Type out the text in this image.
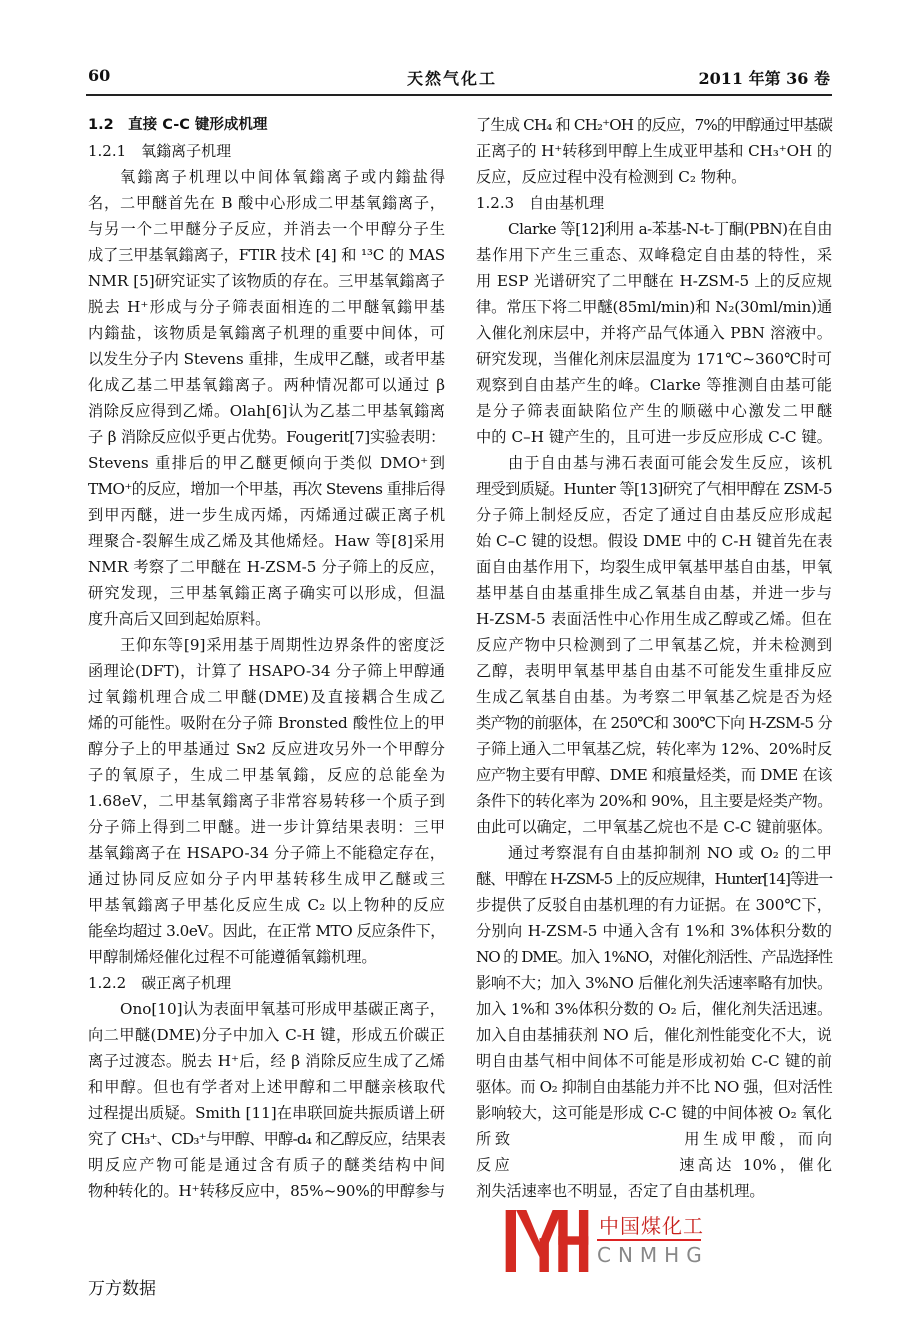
60	天然气化工	2011 年第 36 卷
1.2　直接 C-C 键形成机理
1.2.1　氧鎓离子机理
氧鎓离子机理以中间体氧鎓离子或内鎓盐得
名，二甲醚首先在 B 酸中心形成二甲基氧鎓离子，
与另一个二甲醚分子反应，并消去一个甲醇分子生
成了三甲基氧鎓离子，FTIR 技术 [4] 和 ¹³C 的 MAS
NMR [5]研究证实了该物质的存在。三甲基氧鎓离子
脱去 H⁺形成与分子筛表面相连的二甲醚氧鎓甲基
内鎓盐，该物质是氧鎓离子机理的重要中间体，可
以发生分子内 Stevens 重排，生成甲乙醚，或者甲基
化成乙基二甲基氧鎓离子。两种情况都可以通过 β
消除反应得到乙烯。Olah[6]认为乙基二甲基氧鎓离
子 β 消除反应似乎更占优势。Fougerit[7]实验表明：
Stevens 重排后的甲乙醚更倾向于类似 DMO⁺到
TMO⁺的反应，增加一个甲基，再次 Stevens 重排后得
到甲丙醚，进一步生成丙烯，丙烯通过碳正离子机
理聚合-裂解生成乙烯及其他烯烃。Haw 等[8]采用
NMR 考察了二甲醚在 H-ZSM-5 分子筛上的反应，
研究发现，三甲基氧鎓正离子确实可以形成，但温
度升高后又回到起始原料。
王仰东等[9]采用基于周期性边界条件的密度泛
函理论(DFT)，计算了 HSAPO-34 分子筛上甲醇通
过氧鎓机理合成二甲醚(DME)及直接耦合生成乙
烯的可能性。吸附在分子筛 Bronsted 酸性位上的甲
醇分子上的甲基通过 Sɴ2 反应进攻另外一个甲醇分
子的氧原子，生成二甲基氧鎓，反应的总能垒为
1.68eV，二甲基氧鎓离子非常容易转移一个质子到
分子筛上得到二甲醚。进一步计算结果表明：三甲
基氧鎓离子在 HSAPO-34 分子筛上不能稳定存在，
通过协同反应如分子内甲基转移生成甲乙醚或三
甲基氧鎓离子甲基化反应生成 C₂ 以上物种的反应
能垒均超过 3.0eV。因此，在正常 MTO 反应条件下，
甲醇制烯烃催化过程不可能遵循氧鎓机理。
1.2.2　碳正离子机理
Ono[10]认为表面甲氧基可形成甲基碳正离子，
向二甲醚(DME)分子中加入 C-H 键，形成五价碳正
离子过渡态。脱去 H⁺后，经 β 消除反应生成了乙烯
和甲醇。但也有学者对上述甲醇和二甲醚亲核取代
过程提出质疑。Smith [11]在串联回旋共振质谱上研
究了 CH₃⁺、CD₃⁺与甲醇、甲醇-d₄ 和乙醇反应，结果表
明反应产物可能是通过含有质子的醚类结构中间
物种转化的。H⁺转移反应中，85%~90%的甲醇参与
了生成 CH₄ 和 CH₂⁺OH 的反应，7%的甲醇通过甲基碳
正离子的 H⁺转移到甲醇上生成亚甲基和 CH₃⁺OH 的
反应，反应过程中没有检测到 C₂ 物种。
1.2.3　自由基机理
Clarke 等[12]利用 a-苯基-N-t-丁酮(PBN)在自由
基作用下产生三重态、双峰稳定自由基的特性，采
用 ESP 光谱研究了二甲醚在 H-ZSM-5 上的反应规
律。常压下将二甲醚(85ml/min)和 N₂(30ml/min)通
入催化剂床层中，并将产品气体通入 PBN 溶液中。
研究发现，当催化剂床层温度为 171℃~360℃时可
观察到自由基产生的峰。Clarke 等推测自由基可能
是分子筛表面缺陷位产生的顺磁中心激发二甲醚
中的 C–H 键产生的，且可进一步反应形成 C-C 键。
由于自由基与沸石表面可能会发生反应，该机
理受到质疑。Hunter 等[13]研究了气相甲醇在 ZSM-5
分子筛上制烃反应，否定了通过自由基反应形成起
始 C–C 键的设想。假设 DME 中的 C-H 键首先在表
面自由基作用下，均裂生成甲氧基甲基自由基，甲氧
基甲基自由基重排生成乙氧基自由基，并进一步与
H-ZSM-5 表面活性中心作用生成乙醇或乙烯。但在
反应产物中只检测到了二甲氧基乙烷，并未检测到
乙醇，表明甲氧基甲基自由基不可能发生重排反应
生成乙氧基自由基。为考察二甲氧基乙烷是否为烃
类产物的前驱体，在 250℃和 300℃下向 H-ZSM-5 分
子筛上通入二甲氧基乙烷，转化率为 12%、20%时反
应产物主要有甲醇、DME 和痕量烃类，而 DME 在该
条件下的转化率为 20%和 90%，且主要是烃类产物。
由此可以确定，二甲氧基乙烷也不是 C-C 键前驱体。
通过考察混有自由基抑制剂 NO 或 O₂ 的二甲
醚、甲醇在 H-ZSM-5 上的反应规律，Hunter[14]等进一
步提供了反驳自由基机理的有力证据。在 300℃下，
分别向 H-ZSM-5 中通入含有 1%和 3%体积分数的
NO 的 DME。加入 1%NO，对催化剂活性、产品选择性
影响不大；加入 3%NO 后催化剂失活速率略有加快。
加入 1%和 3%体积分数的 O₂ 后，催化剂失活迅速。
加入自由基捕获剂 NO 后，催化剂性能变化不大，说
明自由基气相中间体不可能是形成初始 C-C 键的前
驱体。而 O₂ 抑制自由基能力并不比 NO 强，但对活性
影响较大，这可能是形成 C-C 键的中间体被 O₂ 氧化
所致　　　　　　　　　用生成甲酸，而向
反应　　　　　　　　　速高达 10%，催化
剂失活速率也不明显，否定了自由基机理。
中国煤化工
CNMHG
万方数据
